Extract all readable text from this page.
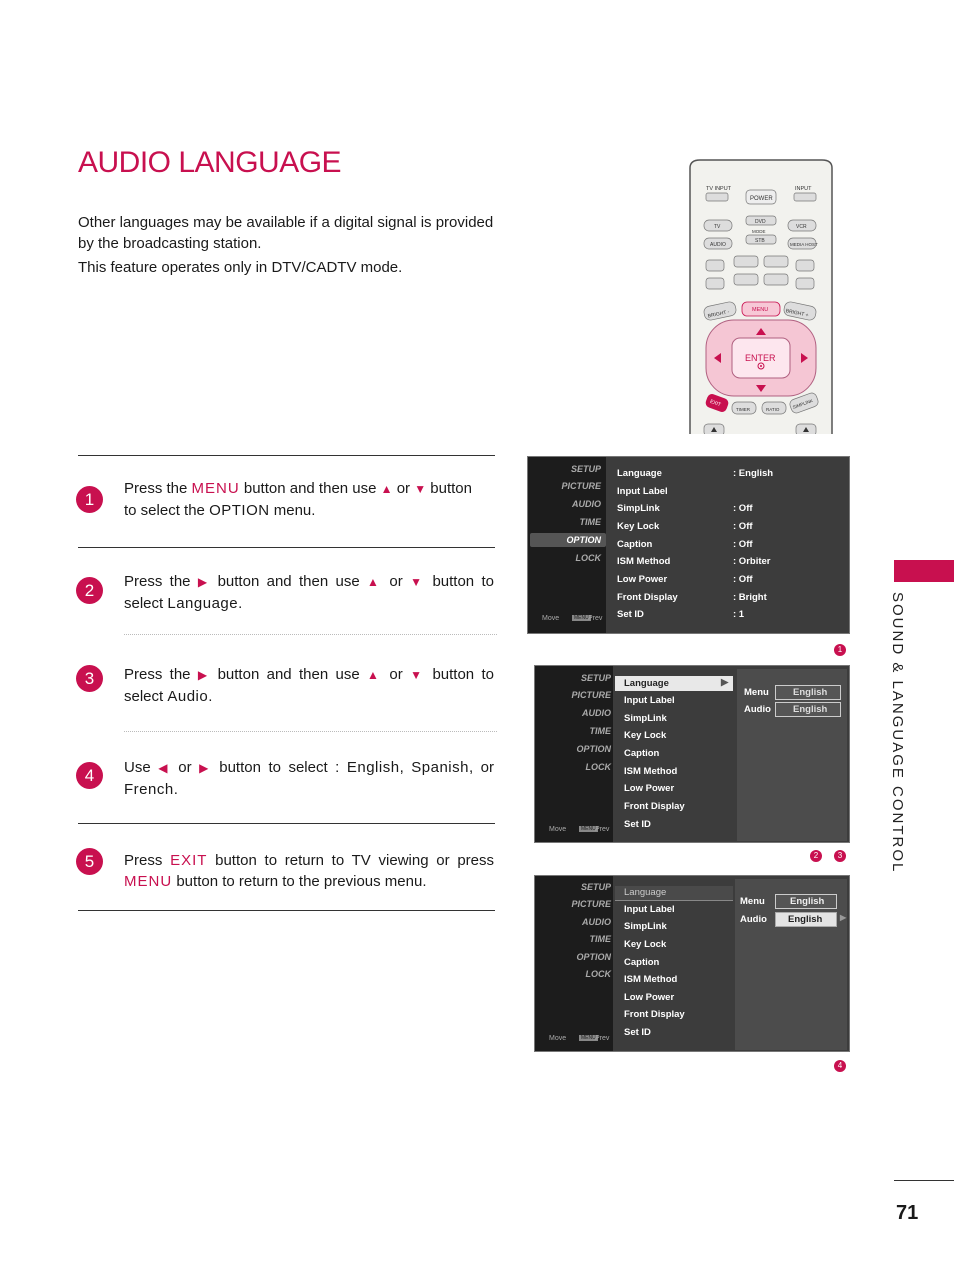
AUDIO LANGUAGE
Other languages may be available if a digital signal is provided
by the broadcasting station.
This feature operates only in DTV/CADTV mode.
SOUND & LANGUAGE CONTROL
71
TV INPUT	INPUT
POWER
TV
DVD
MODE
VCR
AUDIO
STB
MEDIA HOST
BRIGHT -	MENU	BRIGHT +
ENTER
EXIT
TIMER	RATIO	SIMPLINK
1
Press the MENU button and then use ▲ or ▼ button
to select the OPTION menu.
2	Press the ▶ button and then use ▲ or ▼ button to
select Language.
3	Press the ▶ button and then use ▲ or ▼ button to
select Audio.
4	Use ◀ or ▶ button to select : English, Spanish, or
French.
5	Press EXIT button to return to TV viewing or press
MENU button to return to the previous menu.
SETUP
PICTURE
AUDIO
TIME
OPTION
LOCK
Move	MENU Prev
Language	: English
Input Label
SimpLink	: Off
Key Lock	: Off
Caption	: Off
ISM Method	: Orbiter
Low Power	: Off
Front Display	: Bright
Set ID	: 1
1
SETUP
PICTURE
AUDIO
TIME
OPTION
LOCK
Move	MENU Prev
Language	▶
Input Label
SimpLink
Key Lock
Caption
ISM Method
Low Power
Front Display
Set ID
Menu	English
Audio English
2	3
SETUP
PICTURE
AUDIO
TIME
OPTION
LOCK
Move	MENU Prev
Language
Input Label
SimpLink
Key Lock
Caption
ISM Method
Low Power
Front Display
Set ID
Menu	English
Audio English ▶
4
